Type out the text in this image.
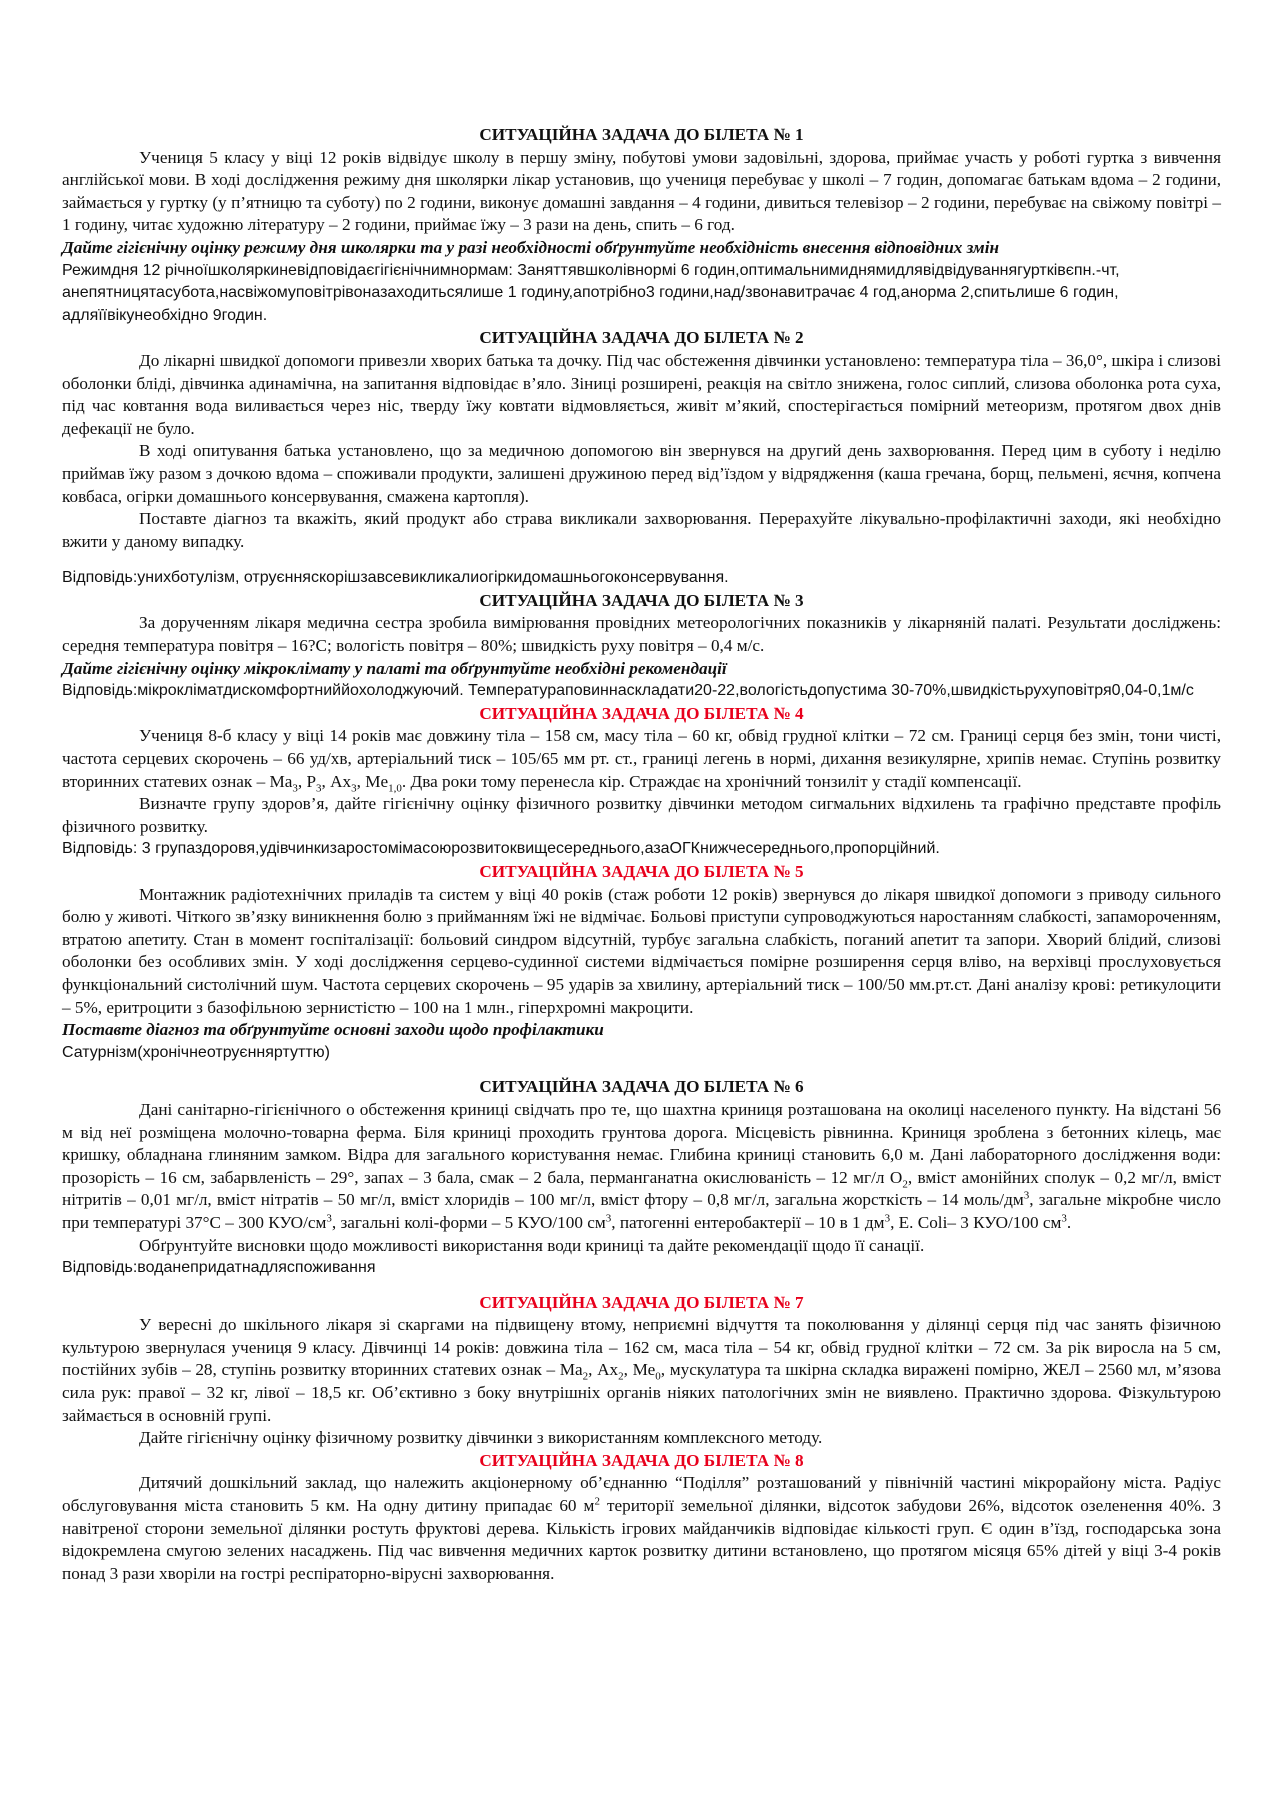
СИТУАЦІЙНА ЗАДАЧА ДО БІЛЕТА № 1

Учениця 5 класу у віці 12 років відвідує школу в першу зміну, побутові умови задовільні, здорова, приймає участь у роботі гуртка з вивчення англійської мови. В ході дослідження режиму дня школярки лікар установив, що учениця перебуває у школі – 7 годин, допомагає батькам вдома – 2 години, займається у гуртку (у п’ятницю та суботу) по 2 години, виконує домашні завдання – 4 години, дивиться телевізор – 2 години, перебуває на свіжому повітрі – 1 годину, читає художню літературу – 2 години, приймає їжу – 3 рази на день, спить – 6 год.

Дайте гігієнічну оцінку режиму дня школярки та у разі необхідності обґрунтуйте необхідність внесення відповідних змін

Режимдня 12 річноїшколяркиневідповідаєгігієнічнимнормам: Заняттявшколівнормі 6 годин,оптимальнимиднямидлявідвідуваннягуртківєпн.-чт, анепятницятасубота,насвіжомуповітрівоназаходитьсялише 1 годину,апотрібно3 години,над/звонавитрачає 4 год,анорма 2,спитьлише 6 годин, адляїївікунеобхідно 9годин.

СИТУАЦІЙНА ЗАДАЧА ДО БІЛЕТА № 2

До лікарні швидкої допомоги привезли хворих батька та дочку. Під час обстеження дівчинки установлено: температура тіла – 36,0°, шкіра і слизові оболонки бліді, дівчинка адинамічна, на запитання відповідає в’яло. Зіниці розширені, реакція на світло знижена, голос сиплий, слизова оболонка рота суха, під час ковтання вода виливається через ніс, тверду їжу ковтати відмовляється, живіт м’який, спостерігається помірний метеоризм, протягом двох днів дефекації не було.

В ході опитування батька установлено, що за медичною допомогою він звернувся на другий день захворювання. Перед цим в суботу і неділю приймав їжу разом з дочкою вдома – споживали продукти, залишені дружиною перед від’їздом у відрядження (каша гречана, борщ, пельмені, яєчня, копчена ковбаса, огірки домашнього консервування, смажена картопля).

Поставте діагноз та вкажіть, який продукт або страва викликали захворювання. Перерахуйте лікувально-профілактичні заходи, які необхідно вжити у даному випадку.

Відповідь:унихботулізм, отруєнняскорішзавсевикликалиогіркидомашньогоконсервування.

СИТУАЦІЙНА ЗАДАЧА ДО БІЛЕТА № 3

За дорученням лікаря медична сестра зробила вимірювання провідних метеорологічних показників у лікарняній палаті. Результати досліджень: середня температура повітря – 16?С; вологість повітря – 80%; швидкість руху повітря – 0,4 м/с.

Дайте гігієнічну оцінку мікроклімату у палаті та обґрунтуйте необхідні рекомендації

Відповідь:мікрокліматдискомфортниййохолоджуючий. Температураповиннаскладати20-22,вологістьдопустима 30-70%,швидкістьрухуповітря0,04-0,1м/с

СИТУАЦІЙНА ЗАДАЧА ДО БІЛЕТА № 4

Учениця 8-б класу у віці 14 років має довжину тіла – 158 см, масу тіла – 60 кг, обвід грудної клітки – 72 см. Границі серця без змін, тони чисті, частота серцевих скорочень – 66 уд/хв, артеріальний тиск – 105/65 мм рт. ст., границі легень в нормі, дихання везикулярне, хрипів немає. Ступінь розвитку вторинних статевих ознак – $Ма_3$, $Р_3$, $Ах_3$, $Me_{1,0}$. Два роки тому перенесла кір. Страждає на хронічний тонзиліт у стадії компенсації.

Визначте групу здоров’я, дайте гігієнічну оцінку фізичного розвитку дівчинки методом сигмальних відхилень та графічно представте профіль фізичного розвитку.

Відповідь: 3 групаздоровя,удівчинкизаростомімасоюрозвитоквищесереднього,азаОГКнижчесереднього,пропорційний.

СИТУАЦІЙНА ЗАДАЧА ДО БІЛЕТА № 5

Монтажник радіотехнічних приладів та систем у віці 40 років (стаж роботи 12 років) звернувся до лікаря швидкої допомоги з приводу сильного болю у животі. Чіткого зв’язку виникнення болю з прийманням їжі не відмічає. Больові приступи супроводжуються наростанням слабкості, запамороченням, втратою апетиту. Стан в момент госпіталізації: больовий синдром відсутній, турбує загальна слабкість, поганий апетит та запори. Хворий блідий, слизові оболонки без особливих змін. У ході дослідження серцево-судинної системи відмічається помірне розширення серця вліво, на верхівці прослуховується функціональний систолічний шум. Частота серцевих скорочень – 95 ударів за хвилину, артеріальний тиск – 100/50 мм.рт.ст. Дані аналізу крові: ретикулоцити – 5%, еритроцити з базофільною зернистістю – 100 на 1 млн., гіперхромні макроцити.

Поставте діагноз та обґрунтуйте основні заходи щодо профілактики

Сатурнізм(хронічнеотруєнняртуттю)

СИТУАЦІЙНА ЗАДАЧА ДО БІЛЕТА № 6

Дані санітарно-гігієнічного о обстеження криниці свідчать про те, що шахтна криниця розташована на околиці населеного пункту. На відстані 56 м від неї розміщена молочно-товарна ферма. Біля криниці проходить грунтова дорога. Місцевість рівнинна. Криниця зроблена з бетонних кілець, має кришку, обладнана глиняним замком. Відра для загального користування немає. Глибина криниці становить 6,0 м. Дані лабораторного дослідження води: прозорість – 16 см, забарвленість – 29°, запах – 3 бала, смак – 2 бала, перманганатна окислюваність – 12 мг/л $О_2$, вміст амонійних сполук – 0,2 мг/л, вміст нітритів – 0,01 мг/л, вміст нітратів – 50 мг/л, вміст хлоридів – 100 мг/л, вміст фтору – 0,8 мг/л, загальна жорсткість – 14 моль/$дм^3$, загальне мікробне число при температурі 37°С – 300 КУО/$см^3$, загальні колі-форми – 5 КУО/100 $см^3$, патогенні ентеробактерії – 10 в 1 $дм^3$, E. Coli– 3 КУО/100 $см^3$.

Обґрунтуйте висновки щодо можливості використання води криниці та дайте рекомендації щодо її санації.

Відповідь:воданепридатнадляспоживання

СИТУАЦІЙНА ЗАДАЧА ДО БІЛЕТА № 7

У вересні до шкільного лікаря зі скаргами на підвищену втому, неприємні відчуття та поколювання у ділянці серця під час занять фізичною культурою звернулася учениця 9 класу. Дівчинці 14 років: довжина тіла – 162 см, маса тіла – 54 кг, обвід грудної клітки – 72 см. За рік виросла на 5 см, постійних зубів – 28, ступінь розвитку вторинних статевих ознак – $Ма_2$, $Ах_2$, $Ме_0$, мускулатура та шкірна складка виражені помірно, ЖЕЛ – 2560 мл, м’язова сила рук: правої – 32 кг, лівої – 18,5 кг. Об’єктивно з боку внутрішніх органів ніяких патологічних змін не виявлено. Практично здорова. Фізкультурою займається в основній групі.

Дайте гігієнічну оцінку фізичному розвитку дівчинки з використанням комплексного методу.

СИТУАЦІЙНА ЗАДАЧА ДО БІЛЕТА № 8

Дитячий дошкільний заклад, що належить акціонерному об’єднанню “Поділля” розташований у північній частині мікрорайону міста. Радіус обслуговування міста становить 5 км. На одну дитину припадає 60 $м^2$ території земельної ділянки, відсоток забудови 26%, відсоток озеленення 40%. З навітреної сторони земельної ділянки ростуть фруктові дерева. Кількість ігрових майданчиків відповідає кількості груп. Є один в’їзд, господарська зона відокремлена смугою зелених насаджень. Під час вивчення медичних карток розвитку дитини встановлено, що протягом місяця 65% дітей у віці 3-4 років понад 3 рази хворіли на гострі респіраторно-вірусні захворювання.
